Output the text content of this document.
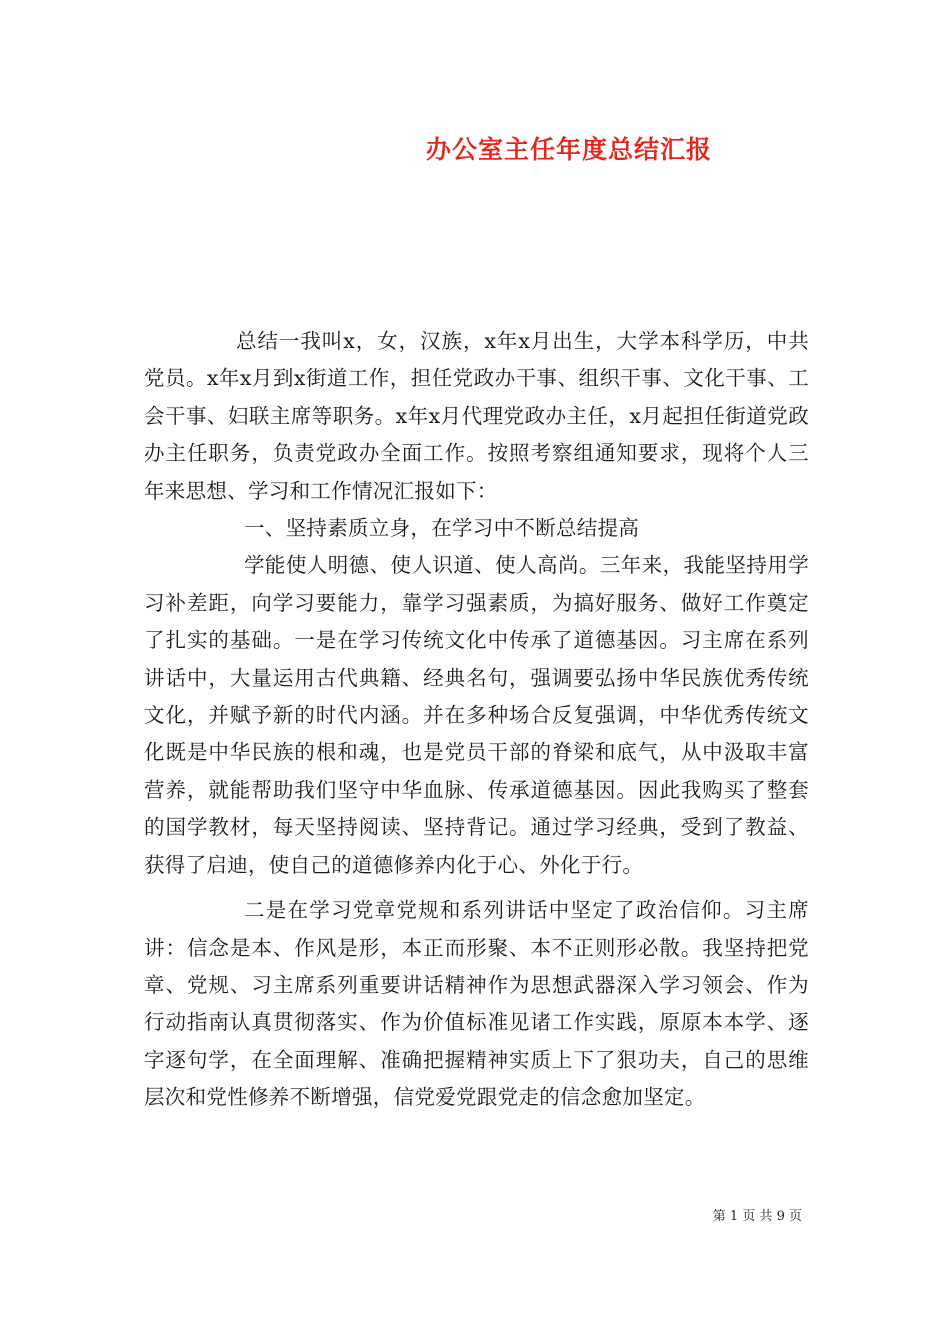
办公室主任年度总结汇报

总结一我叫x，女，汉族，x年x月出生，大学本科学历，中共党员。x年x月到x街道工作，担任党政办干事、组织干事、文化干事、工会干事、妇联主席等职务。x年x月代理党政办主任，x月起担任街道党政办主任职务，负责党政办全面工作。按照考察组通知要求，现将个人三年来思想、学习和工作情况汇报如下：

一、坚持素质立身，在学习中不断总结提高

学能使人明德、使人识道、使人高尚。三年来，我能坚持用学习补差距，向学习要能力，靠学习强素质，为搞好服务、做好工作奠定了扎实的基础。一是在学习传统文化中传承了道德基因。习主席在系列讲话中，大量运用古代典籍、经典名句，强调要弘扬中华民族优秀传统文化，并赋予新的时代内涵。并在多种场合反复强调，中华优秀传统文化既是中华民族的根和魂，也是党员干部的脊梁和底气，从中汲取丰富营养，就能帮助我们坚守中华血脉、传承道德基因。因此我购买了整套的国学教材，每天坚持阅读、坚持背记。通过学习经典，受到了教益、获得了启迪，使自己的道德修养内化于心、外化于行。

二是在学习党章党规和系列讲话中坚定了政治信仰。习主席讲：信念是本、作风是形，本正而形聚、本不正则形必散。我坚持把党章、党规、习主席系列重要讲话精神作为思想武器深入学习领会、作为行动指南认真贯彻落实、作为价值标准见诸工作实践，原原本本学、逐字逐句学，在全面理解、准确把握精神实质上下了狠功夫，自己的思维层次和党性修养不断增强，信党爱党跟党走的信念愈加坚定。

第 1 页 共 9 页
